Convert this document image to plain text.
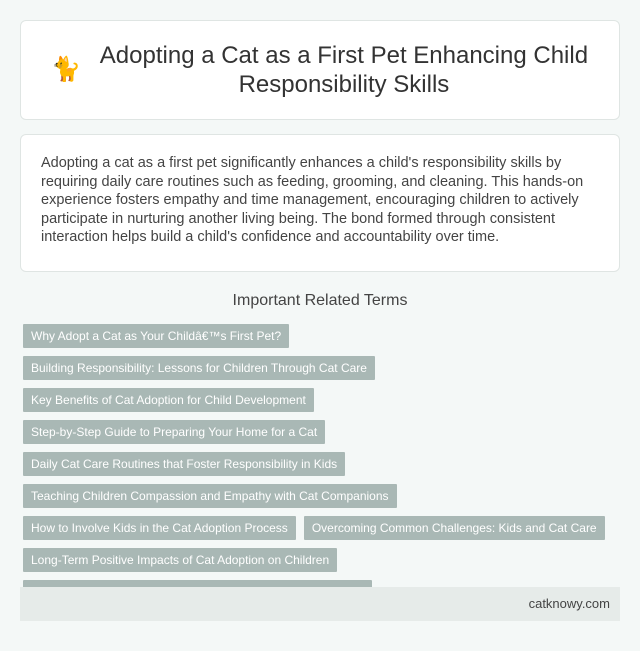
🐈
Adopting a Cat as a First Pet Enhancing Child Responsibility Skills

Adopting a cat as a first pet significantly enhances a child's responsibility skills by requiring daily care routines such as feeding, grooming, and cleaning. This hands-on experience fosters empathy and time management, encouraging children to actively participate in nurturing another living being. The bond formed through consistent interaction helps build a child's confidence and accountability over time.

Important Related Terms
Why Adopt a Cat as Your Childâ€™s First Pet?
Building Responsibility: Lessons for Children Through Cat Care
Key Benefits of Cat Adoption for Child Development
Step-by-Step Guide to Preparing Your Home for a Cat
Daily Cat Care Routines that Foster Responsibility in Kids
Teaching Children Compassion and Empathy with Cat Companions
How to Involve Kids in the Cat Adoption Process	Overcoming Common Challenges: Kids and Cat Care
Long-Term Positive Impacts of Cat Adoption on Children
catknowy.com
